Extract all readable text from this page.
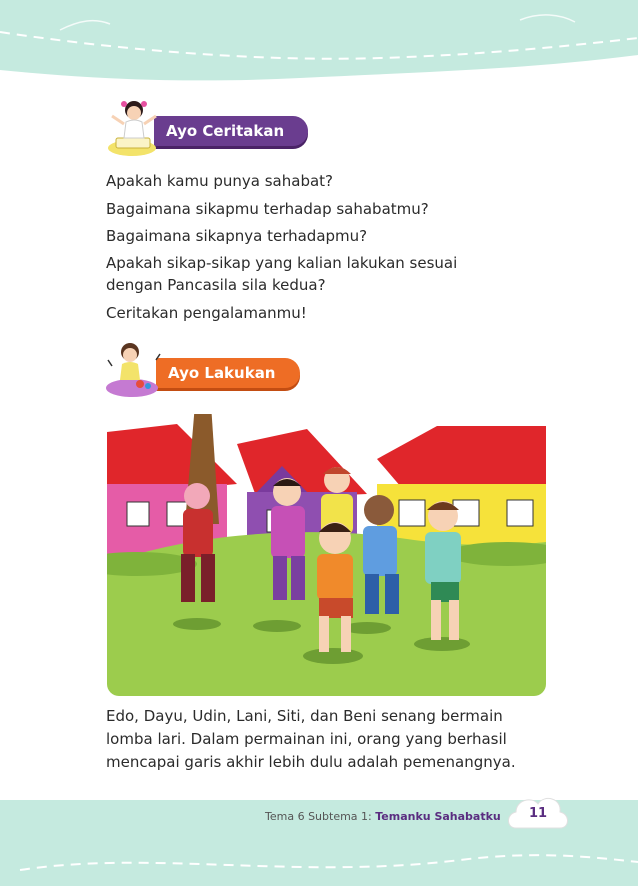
Ayo Ceritakan
Apakah kamu punya sahabat?
Bagaimana sikapmu terhadap sahabatmu?
Bagaimana sikapnya terhadapmu?
Apakah sikap-sikap yang kalian lakukan sesuai
dengan Pancasila sila kedua?
Ceritakan pengalamanmu!
Ayo Lakukan
Edo, Dayu, Udin, Lani, Siti, dan Beni senang bermain
lomba lari. Dalam permainan ini, orang yang berhasil
mencapai garis akhir lebih dulu adalah pemenangnya.
Tema 6 Subtema 1: Temanku Sahabatku	11
